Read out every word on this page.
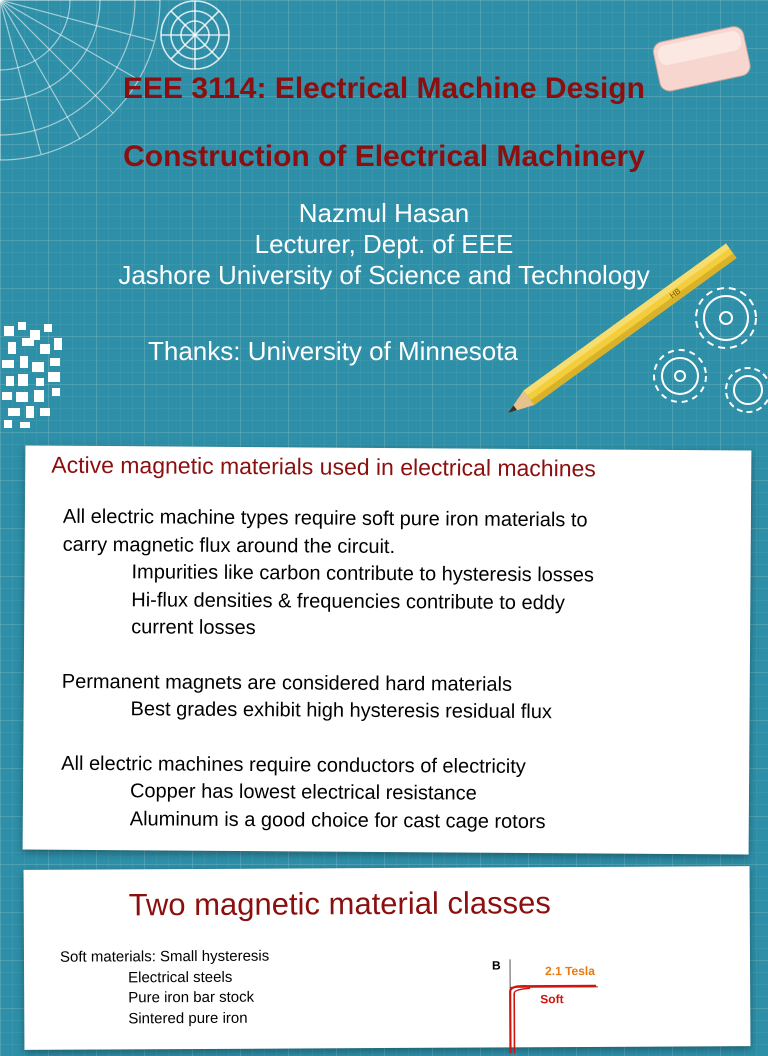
HB
EEE 3114: Electrical Machine Design
Construction of Electrical Machinery
Nazmul Hasan
Lecturer, Dept. of EEE
Jashore University of Science and Technology
Thanks: University of Minnesota
Active magnetic materials used in electrical machines

All electric machine types require soft pure iron materials to

carry magnetic flux around the circuit.

Impurities like carbon contribute to hysteresis losses

Hi-flux densities & frequencies contribute to eddy

current losses

Permanent magnets are considered hard materials

Best grades exhibit high hysteresis residual flux

All electric machines require conductors of electricity

Copper has lowest electrical resistance

Aluminum is a good choice for cast cage rotors

Two magnetic material classes
Soft materials: Small hysteresis
Electrical steels
Pure iron bar stock
Sintered pure iron
B	2.1 Tesla
Soft
